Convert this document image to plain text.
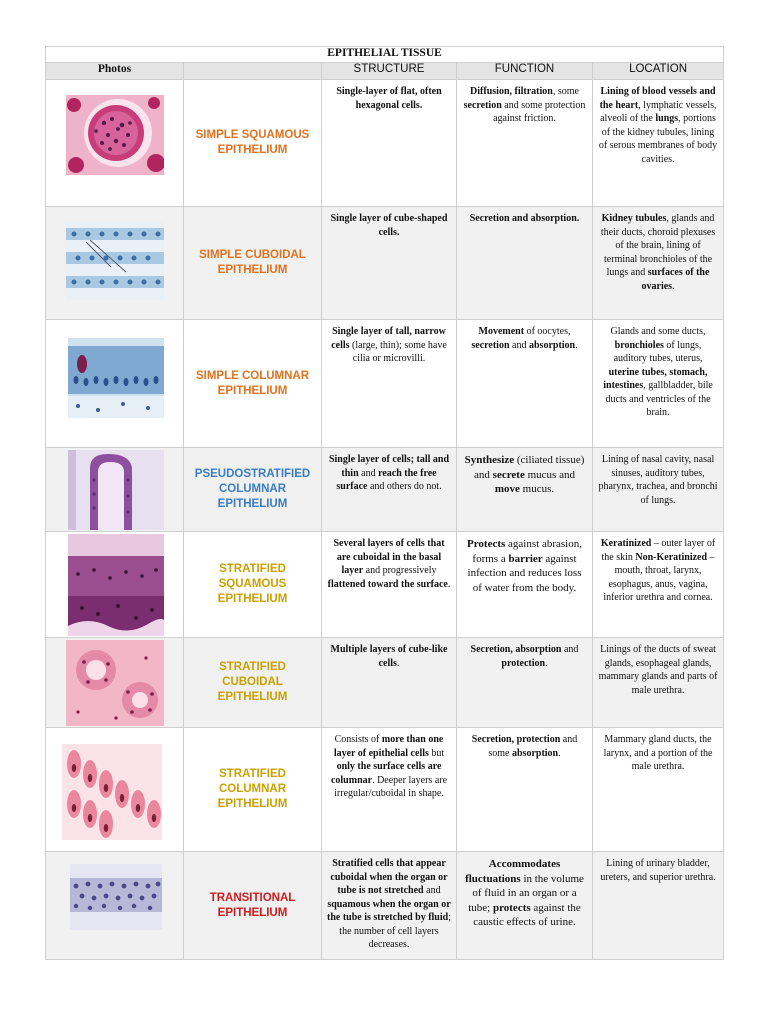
EPITHELIAL TISSUE				
Photos		STRUCTURE	FUNCTION	LOCATION

	SIMPLE SQUAMOUS EPITHELIUM	Single-layer of flat, often hexagonal cells.	Diffusion, filtration, some secretion and some protection against friction.	Lining of blood vessels and the heart, lymphatic vessels, alveoli of the lungs, portions of the kidney tubules, lining of serous membranes of body cavities.

	SIMPLE CUBOIDAL EPITHELIUM	Single layer of cube-shaped cells.	Secretion and absorption.	Kidney tubules, glands and their ducts, choroid plexuses of the brain, lining of terminal bronchioles of the lungs and surfaces of the ovaries.

	SIMPLE COLUMNAR EPITHELIUM	Single layer of tall, narrow cells (large, thin); some have cilia or microvilli.	Movement of oocytes, secretion and absorption.	Glands and some ducts, bronchioles of lungs, auditory tubes, uterus, uterine tubes, stomach, intestines, gallbladder, bile ducts and ventricles of the brain.

	PSEUDOSTRATIFIED COLUMNAR EPITHELIUM	Single layer of cells; tall and thin and reach the free surface and others do not.	Synthesize (ciliated tissue) and secrete mucus and move mucus.	Lining of nasal cavity, nasal sinuses, auditory tubes, pharynx, trachea, and bronchi of lungs.

	STRATIFIED SQUAMOUS EPITHELIUM	Several layers of cells that are cuboidal in the basal layer and progressively flattened toward the surface.	Protects against abrasion, forms a barrier against infection and reduces loss of water from the body.	Keratinized – outer layer of the skin Non-Keratinized – mouth, throat, larynx, esophagus, anus, vagina, inferior urethra and cornea.

	STRATIFIED CUBOIDAL EPITHELIUM	Multiple layers of cube-like cells.	Secretion, absorption and protection.	Linings of the ducts of sweat glands, esophageal glands, mammary glands and parts of male urethra.

	STRATIFIED COLUMNAR EPITHELIUM	Consists of more than one layer of epithelial cells but only the surface cells are columnar. Deeper layers are irregular/cuboidal in shape.	Secretion, protection and some absorption.	Mammary gland ducts, the larynx, and a portion of the male urethra.

	TRANSITIONAL EPITHELIUM	Stratified cells that appear cuboidal when the organ or tube is not stretched and squamous when the organ or the tube is stretched by fluid; the number of cell layers decreases.	Accommodates fluctuations in the volume of fluid in an organ or a tube; protects against the caustic effects of urine.	Lining of urinary bladder, ureters, and superior urethra.
